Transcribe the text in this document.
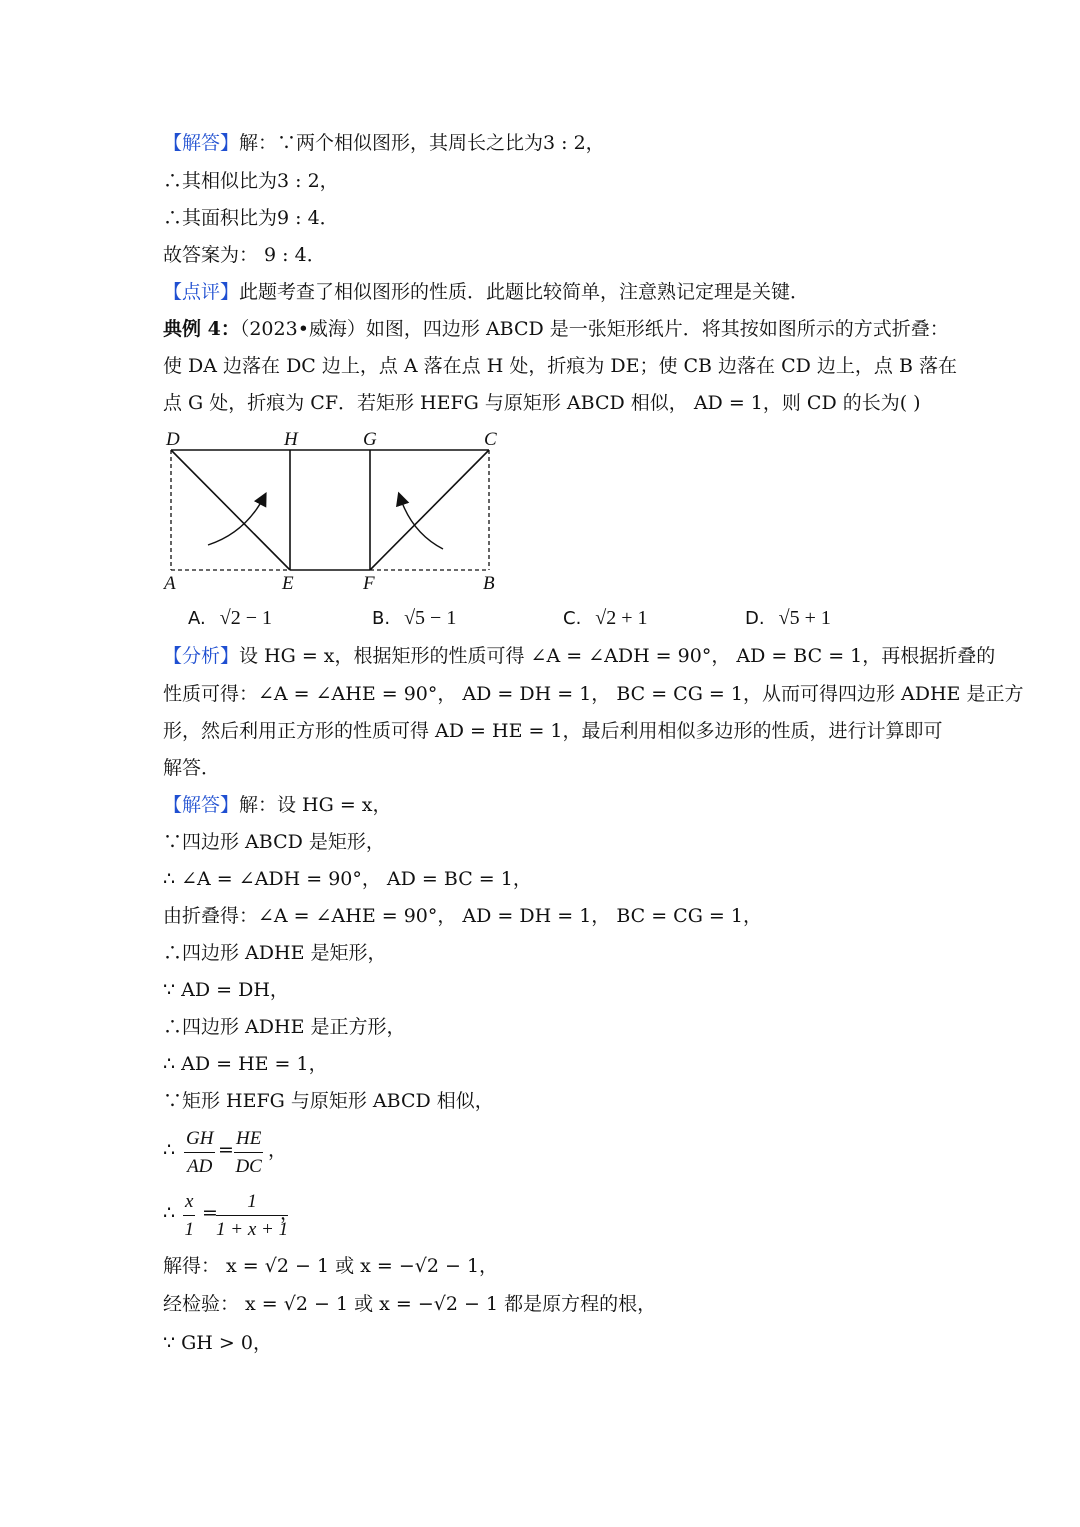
【解答】解：∵两个相似图形，其周长之比为3 : 2，
∴其相似比为3 : 2，
∴其面积比为9 : 4．
故答案为： 9 : 4．
【点评】此题考查了相似图形的性质．此题比较简单，注意熟记定理是关键．
典例 4：（2023•威海）如图，四边形 ABCD 是一张矩形纸片．将其按如图所示的方式折叠：
使 DA 边落在 DC 边上，点 A 落在点 H 处，折痕为 DE；使 CB 边落在 CD 边上，点 B 落在
点 G 处，折痕为 CF．若矩形 HEFG 与原矩形 ABCD 相似， AD = 1，则 CD 的长为( )
D	H	G	C
A	E	F	B
A. √2 − 1	B. √5 − 1	C. √2 + 1	D. √5 + 1
【分析】设 HG = x，根据矩形的性质可得 ∠A = ∠ADH = 90°， AD = BC = 1，再根据折叠的
性质可得：∠A = ∠AHE = 90°， AD = DH = 1， BC = CG = 1，从而可得四边形 ADHE 是正方
形，然后利用正方形的性质可得 AD = HE = 1，最后利用相似多边形的性质，进行计算即可
解答．
【解答】解：设 HG = x，
∵四边形 ABCD 是矩形，
∴ ∠A = ∠ADH = 90°， AD = BC = 1，
由折叠得：∠A = ∠AHE = 90°， AD = DH = 1， BC = CG = 1，
∴四边形 ADHE 是矩形，
∵ AD = DH，
∴四边形 ADHE 是正方形，
∴ AD = HE = 1，
∵矩形 HEFG 与原矩形 ABCD 相似，
∴ $\frac{GH}{AD} = \frac{HE}{DC}$ ，
∴ $\frac{x}{1}$ =
$\frac{1}{1 + x + 1}$
，
解得： x = √2 − 1 或 x = −√2 − 1，
经检验： x = √2 − 1 或 x = −√2 − 1 都是原方程的根，
∵ GH > 0，
